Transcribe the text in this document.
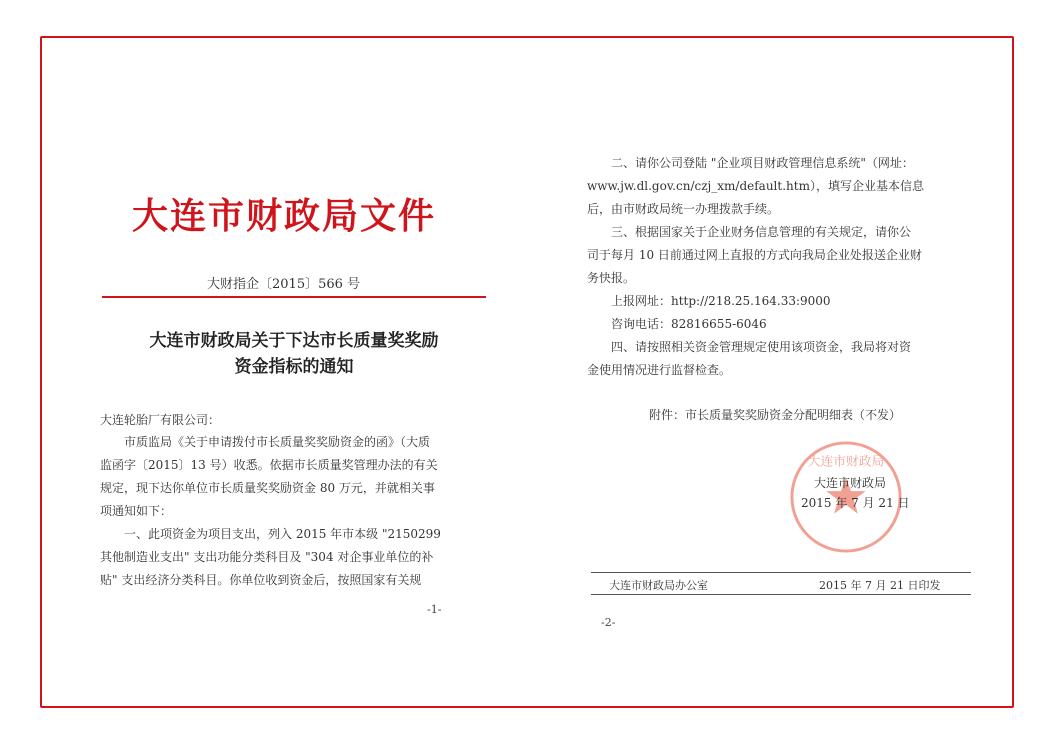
大连市财政局文件
大财指企〔2015〕566 号
大连市财政局关于下达市长质量奖奖励
资金指标的通知
大连轮胎厂有限公司：
市质监局《关于申请拨付市长质量奖奖励资金的函》（大质
监函字〔2015〕13 号）收悉。依据市长质量奖管理办法的有关
规定，现下达你单位市长质量奖奖励资金 80 万元，并就相关事
项通知如下：
一、此项资金为项目支出，列入 2015 年市本级 "2150299
其他制造业支出" 支出功能分类科目及 "304 对企事业单位的补
贴" 支出经济分类科目。你单位收到资金后，按照国家有关规
-1-
二、请你公司登陆 "企业项目财政管理信息系统"（网址：
www.jw.dl.gov.cn/czj_xm/default.htm），填写企业基本信息
后，由市财政局统一办理拨款手续。
三、根据国家关于企业财务信息管理的有关规定，请你公
司于每月 10 日前通过网上直报的方式向我局企业处报送企业财
务快报。
上报网址：http://218.25.164.33:9000
咨询电话：82816655-6046
四、请按照相关资金管理规定使用该项资金，我局将对资
金使用情况进行监督检查。
附件：市长质量奖奖励资金分配明细表（不发）
大连市财政局
大连市财政局
2015 年 7 月 21 日
大连市财政局办公室	2015 年 7 月 21 日印发
-2-
